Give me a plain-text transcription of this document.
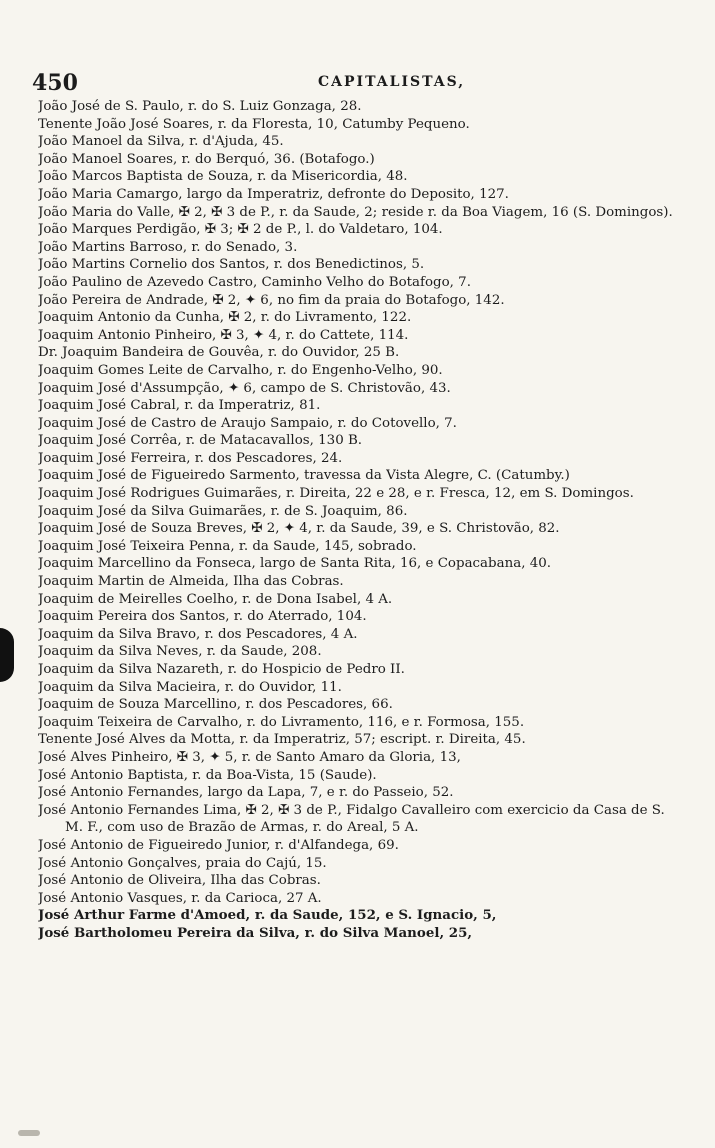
450	CAPITALISTAS,
João José de S. Paulo, r. do S. Luiz Gonzaga, 28.
Tenente João José Soares, r. da Floresta, 10, Catumby Pequeno.
João Manoel da Silva, r. d'Ajuda, 45.
João Manoel Soares, r. do Berquó, 36. (Botafogo.)
João Marcos Baptista de Souza, r. da Misericordia, 48.
João Maria Camargo, largo da Imperatriz, defronte do Deposito, 127.
João Maria do Valle, ✠ 2, ✠ 3 de P., r. da Saude, 2; reside r. da Boa Viagem, 16 (S. Domingos).
João Marques Perdigão, ✠ 3; ✠ 2 de P., l. do Valdetaro, 104.
João Martins Barroso, r. do Senado, 3.
João Martins Cornelio dos Santos, r. dos Benedictinos, 5.
João Paulino de Azevedo Castro, Caminho Velho do Botafogo, 7.
João Pereira de Andrade, ✠ 2, ✦ 6, no fim da praia do Botafogo, 142.
Joaquim Antonio da Cunha, ✠ 2, r. do Livramento, 122.
Joaquim Antonio Pinheiro, ✠ 3, ✦ 4, r. do Cattete, 114.
Dr. Joaquim Bandeira de Gouvêa, r. do Ouvidor, 25 B.
Joaquim Gomes Leite de Carvalho, r. do Engenho-Velho, 90.
Joaquim José d'Assumpção, ✦ 6, campo de S. Christovão, 43.
Joaquim José Cabral, r. da Imperatriz, 81.
Joaquim José de Castro de Araujo Sampaio, r. do Cotovello, 7.
Joaquim José Corrêa, r. de Matacavallos, 130 B.
Joaquim José Ferreira, r. dos Pescadores, 24.
Joaquim José de Figueiredo Sarmento, travessa da Vista Alegre, C. (Catumby.)
Joaquim José Rodrigues Guimarães, r. Direita, 22 e 28, e r. Fresca, 12, em S. Domingos.
Joaquim José da Silva Guimarães, r. de S. Joaquim, 86.
Joaquim José de Souza Breves, ✠ 2, ✦ 4, r. da Saude, 39, e S. Christovão, 82.
Joaquim José Teixeira Penna, r. da Saude, 145, sobrado.
Joaquim Marcellino da Fonseca, largo de Santa Rita, 16, e Copacabana, 40.
Joaquim Martin de Almeida, Ilha das Cobras.
Joaquim de Meirelles Coelho, r. de Dona Isabel, 4 A.
Joaquim Pereira dos Santos, r. do Aterrado, 104.
Joaquim da Silva Bravo, r. dos Pescadores, 4 A.
Joaquim da Silva Neves, r. da Saude, 208.
Joaquim da Silva Nazareth, r. do Hospicio de Pedro II.
Joaquim da Silva Macieira, r. do Ouvidor, 11.
Joaquim de Souza Marcellino, r. dos Pescadores, 66.
Joaquim Teixeira de Carvalho, r. do Livramento, 116, e r. Formosa, 155.
Tenente José Alves da Motta, r. da Imperatriz, 57; escript. r. Direita, 45.
José Alves Pinheiro, ✠ 3, ✦ 5, r. de Santo Amaro da Gloria, 13,
José Antonio Baptista, r. da Boa-Vista, 15 (Saude).
José Antonio Fernandes, largo da Lapa, 7, e r. do Passeio, 52.
José Antonio Fernandes Lima, ✠ 2, ✠ 3 de P., Fidalgo Cavalleiro com exercicio da Casa de S. M. F., com uso de Brazão de Armas, r. do Areal, 5 A.
José Antonio de Figueiredo Junior, r. d'Alfandega, 69.
José Antonio Gonçalves, praia do Cajú, 15.
José Antonio de Oliveira, Ilha das Cobras.
José Antonio Vasques, r. da Carioca, 27 A.
José Arthur Farme d'Amoed, r. da Saude, 152, e S. Ignacio, 5,
José Bartholomeu Pereira da Silva, r. do Silva Manoel, 25,
